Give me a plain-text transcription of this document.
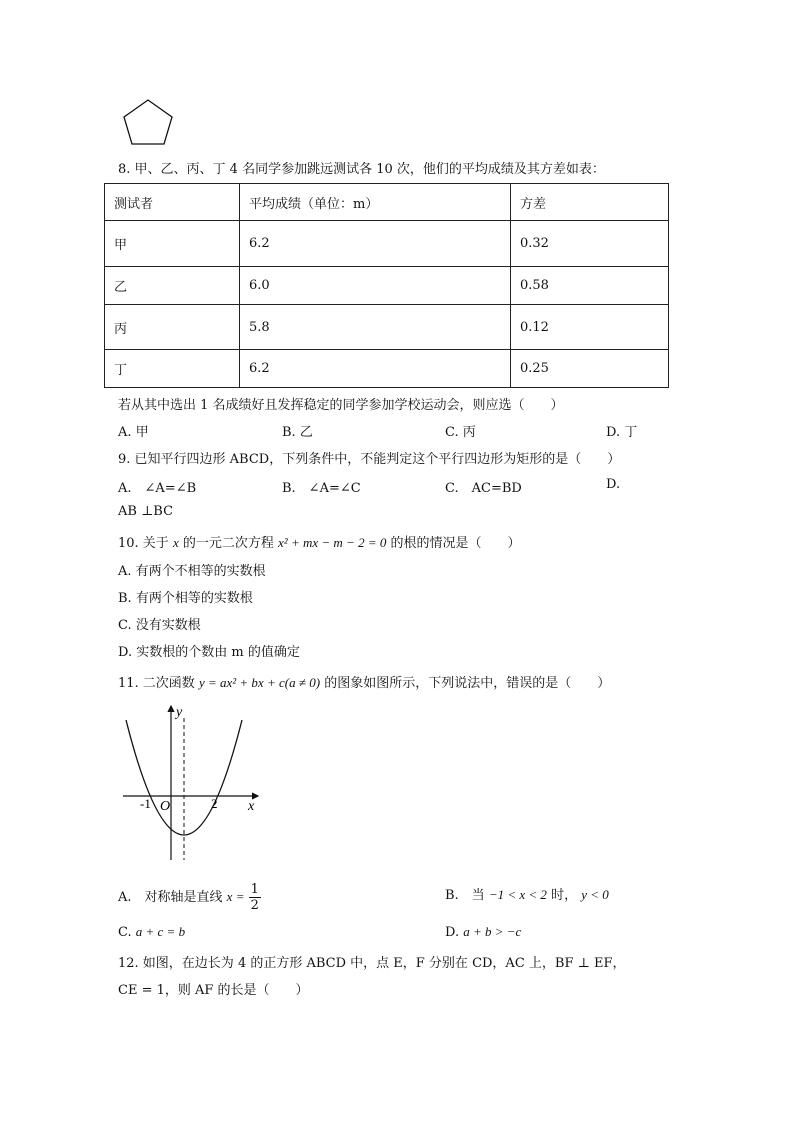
8. 甲、乙、丙、丁 4 名同学参加跳远测试各 10 次，他们的平均成绩及其方差如表：
测试者	平均成绩（单位：m）	方差
甲	6.2	0.32
乙	6.0	0.58
丙	5.8	0.12
丁	6.2	0.25
若从其中选出 1 名成绩好且发挥稳定的同学参加学校运动会，则应选（　　）
A. 甲	B. 乙	C. 丙	D. 丁
9. 已知平行四边形 ABCD，下列条件中，不能判定这个平行四边形为矩形的是（　　）
A.　∠A=∠B	B.　∠A=∠C	C.　AC=BD	D.
AB ⊥BC
10. 关于 x 的一元二次方程 x² + mx − m − 2 = 0 的根的情况是（　　）
A. 有两个不相等的实数根
B. 有两个相等的实数根
C. 没有实数根
D. 实数根的个数由 m 的值确定
11. 二次函数 y = ax² + bx + c(a ≠ 0) 的图象如图所示，下列说法中，错误的是（　　）
y
x
O
-1	2
A.　对称轴是直线 $x = \frac{1}{2}$	B.　当 −1 < x < 2 时， y < 0
C. a + c = b	D. a + b > −c
12. 如图，在边长为 4 的正方形 ABCD 中，点 E，F 分别在 CD，AC 上，BF ⊥ EF，
CE = 1，则 AF 的长是（　　）
